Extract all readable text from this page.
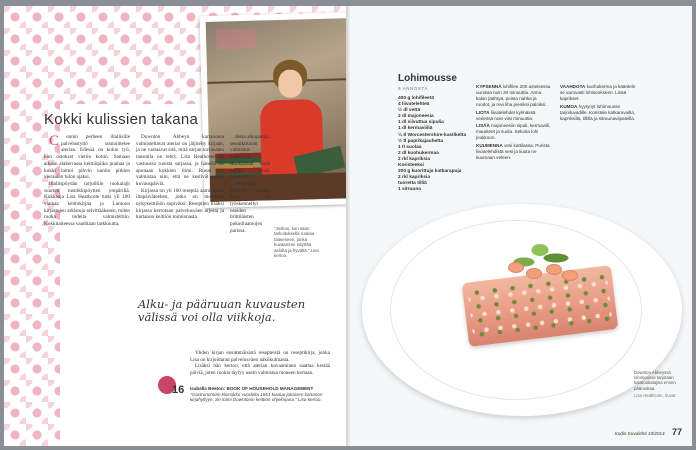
Kokki kulissien takana

C onnin perheen illallisille palvelustyttö suunnittelee aterian. Edessä on kokin työ, kun ostokset vietiin kotiin. Samaan aikaan alakerrassa keittiöpiika puuhaa ja kokki laittoi pihvin uuniin pitkien vieraiden tulon ajaksi.

Illallispöydän tarjoiltiin ruokalajit suurten rustiikkipöytien ympärillä. Kokkaaja Lisa Heathcote tutki yli 100 vanhaa keittokirjaa ja Lontoon kirjastojen arkistoja selvittääkseen, miten ruoka todella valmistettiin. Kokkitaiteessa vaaditaan tarkkuutta.

Downton Abbeyn kartanossa valmistettavat ateriat on jäljitelty kirjaan, ja ne vastaavat sitä, mitä sarjan kuvausten taustalla on tehty. Lisa Heathcote oli vastuussa ruoista sarjassa, ja hänellä oli apunaan kokkien tiimi. Ruuat piti valmistaa niin, että ne kestivät pitkiä kuvauspäiviä.

Kirjassa on yli 100 reseptiä aamiaisesta iltapäiväteehen, jotka on muokattu nykykeittiöön sopiviksi. Reseptien lisäksi kirjassa kerrotaan palvelusväen arjesta ja kartanon keittiön toiminnasta.

desta alkupaloja, sesonkiruoan valmistus keittiössä. Ruokalistat eivät muutu kovin nopeasti.

Downton Abbeyn lisäksi Lisa on työskennellyt useiden brittiläisten pukudraamojen parissa.	”Joskus, kun saan tarkoituksella ruokaa taiteeseen, jonka kuvaamme näyttää aidolta ja hyvältä.” Lisa kertoo.

Alku- ja pääruuan kuvausten välissä voi olla viikkoja.

Yhden kirjan ensimmäisistä resepteistä on reseptikirja, jonka Lisa on kirjoittanut palvelusväen näkökulmasta.

Lisäksi hän kertoo, että aterian kuvaaminen saattaa kestää päiviä, joten ruokia täytyy usein valmistaa moneen kertaan.

16 Isabella Beeton: BOOK OF HOUSEHOLD MANAGEMENT
”Gastronomian klassikko vuodelta 1861 kuuluu jokaisen kartanon kirjahyllyyn. Se toimi Downtonin keittiön ohjekirjana.” Lisa kertoo.
Lohimousse
6 ANNOSTA
400 g lohifileetä
4 liivatelehteä
½ dl vettä
2 dl majoneesia
1 dl siivuttua sipulia
1 dl kermaviiliä
¼ tl Worcestershire-kastiketta
½ tl paprikajauhetta
1 tl suolaa
2 dl kuohukermaa
2 rkl kapriksia
Koristeeksi
200 g kuorittuja katkarapuja
2 rkl kapriksia
tuoretta tilliä
1 sitruuna

KYPSENNÄ lohifilee 200 asteisessa uunissa noin 20 minuuttia. Anna kalan jäähtyä, poista nahka ja ruodot, ja revi liha pieniksi paloiksi.

LIOTA liivatelehdet kylmässä vedessä noin viisi minuuttia.

LISÄÄ majoneesiin sipuli, kermaviili, mausteet ja suola. Sekoita lohi joukkoon.

KUUMENNA vesi kattilassa. Purista liivatelehdistä vesi ja liuota ne kuumaan veteen.

VAAHDOTA kuohukerma ja kääntele se varovasti lohiseokseen. Lisää kaprikset.

KUMOA hyytynyt lohimousse tarjoiluvadille. Koristele katkaravuilla, kapriksilla, tillillä ja sitruunaviipaleilla.

Downton Abbeyssä lohimousse tarjotaan kalaruokalajina ennen pääruokaa.
Lisa Heathcote, kuvat
Kodin Kuvalehti 10/2014 77
